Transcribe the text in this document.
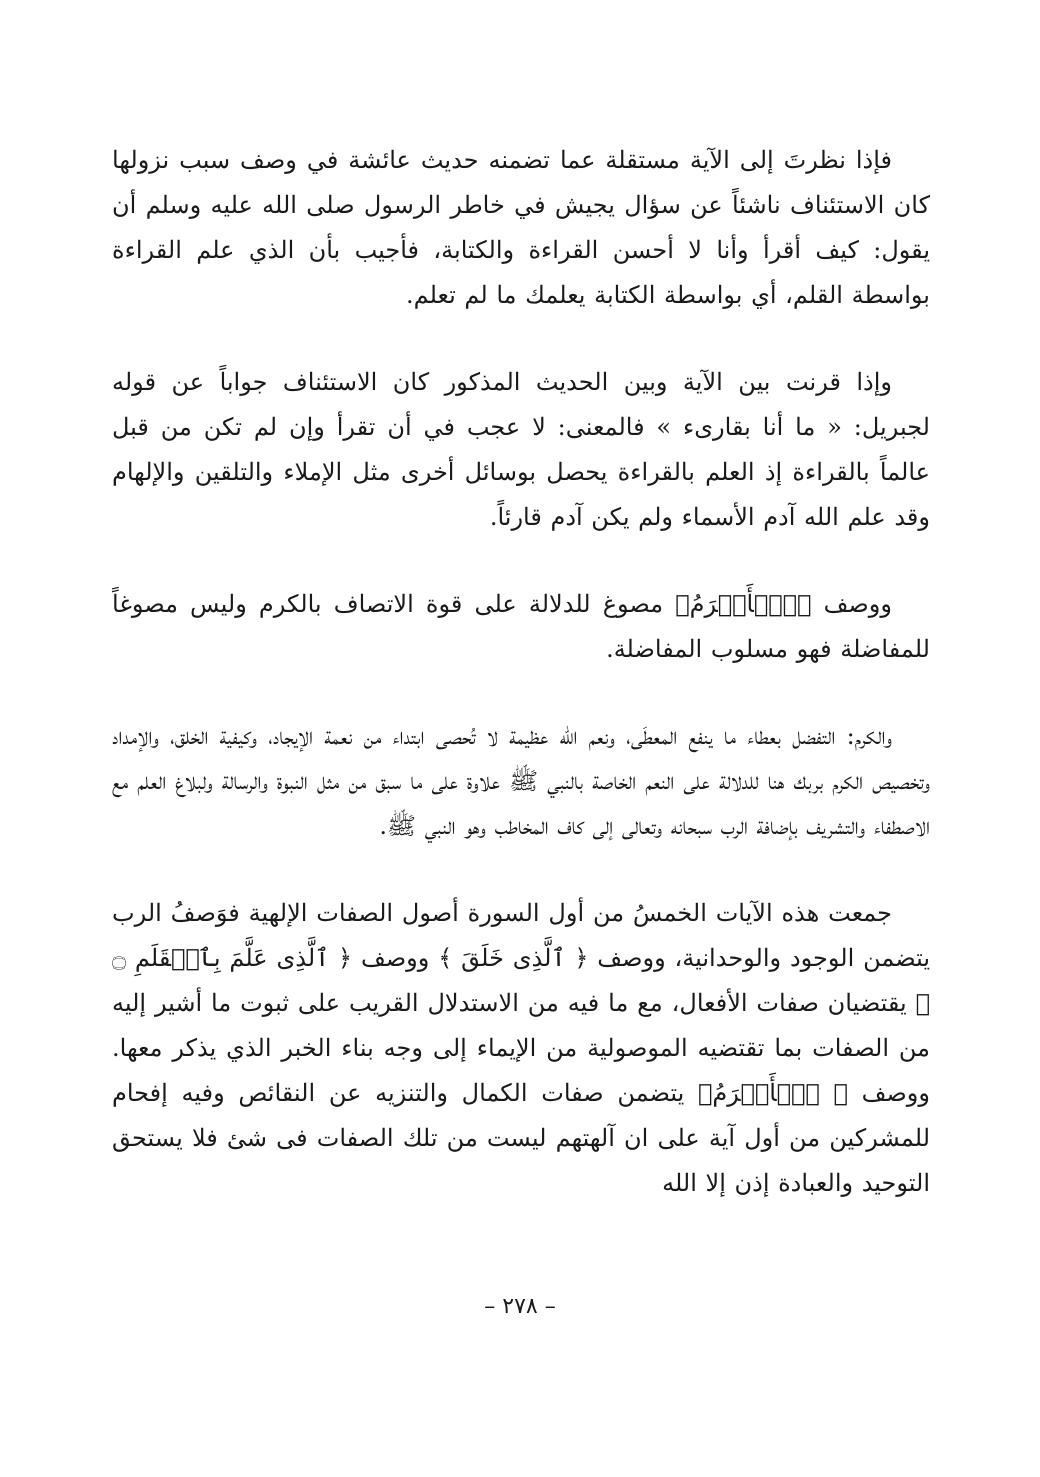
فإذا نظرتَ إلى الآية مستقلة عما تضمنه حديث عائشة في وصف سبب نزولها كان الاستئناف ناشئاً عن سؤال يجيش في خاطر الرسول صلى الله عليه وسلم أن يقول: كيف أقرأ وأنا لا أحسن القراءة والكتابة، فأجيب بأن الذي علم القراءة بواسطة القلم، أي بواسطة الكتابة يعلمك ما لم تعلم.

وإذا قرنت بين الآية وبين الحديث المذكور كان الاستئناف جواباً عن قوله لجبريل: « ما أنا بقارىء » فالمعنى: لا عجب في أن تقرأ وإن لم تكن من قبل عالماً بالقراءة إذ العلم بالقراءة يحصل بوسائل أخرى مثل الإملاء والتلقين والإلهام وقد علم الله آدم الأسماء ولم يكن آدم قارئاً.

ووصف ﴿ٱلۡأَكۡرَمُ﴾ مصوغ للدلالة على قوة الاتصاف بالكرم وليس مصوغاً للمفاضلة فهو مسلوب المفاضلة.

والكرم: التفضل بعطاء ما ينفع المعطَى، ونعم الله عظيمة لا تُحصى ابتداء من نعمة الإيجاد، وكيفية الخلق، والإمداد وتخصيص الكرم بربك هنا للدلالة على النعم الخاصة بالنبي ﷺ علاوة على ما سبق من مثل النبوة والرسالة ولبلاغ العلم مع الاصطفاء والتشريف بإضافة الرب سبحانه وتعالى إلى كاف المخاطب وهو النبي ﷺ.

جمعت هذه الآيات الخمسُ من أول السورة أصول الصفات الإلهية فوَصفُ الرب يتضمن الوجود والوحدانية، ووصف ﴿ ٱلَّذِى خَلَقَ ﴾ ووصف ﴿ ٱلَّذِى عَلَّمَ بِٱلۡقَلَمِ ۝ ﴾ يقتضيان صفات الأفعال، مع ما فيه من الاستدلال القريب على ثبوت ما أشير إليه من الصفات بما تقتضيه الموصولية من الإيماء إلى وجه بناء الخبر الذي يذكر معها. ووصف ﴿ ٱلۡأَكۡرَمُ﴾ يتضمن صفات الكمال والتنزيه عن النقائص وفيه إفحام للمشركين من أول آية على ان آلهتهم ليست من تلك الصفات فى شئ فلا يستحق التوحيد والعبادة إذن إلا الله

– ٢٧٨ –
